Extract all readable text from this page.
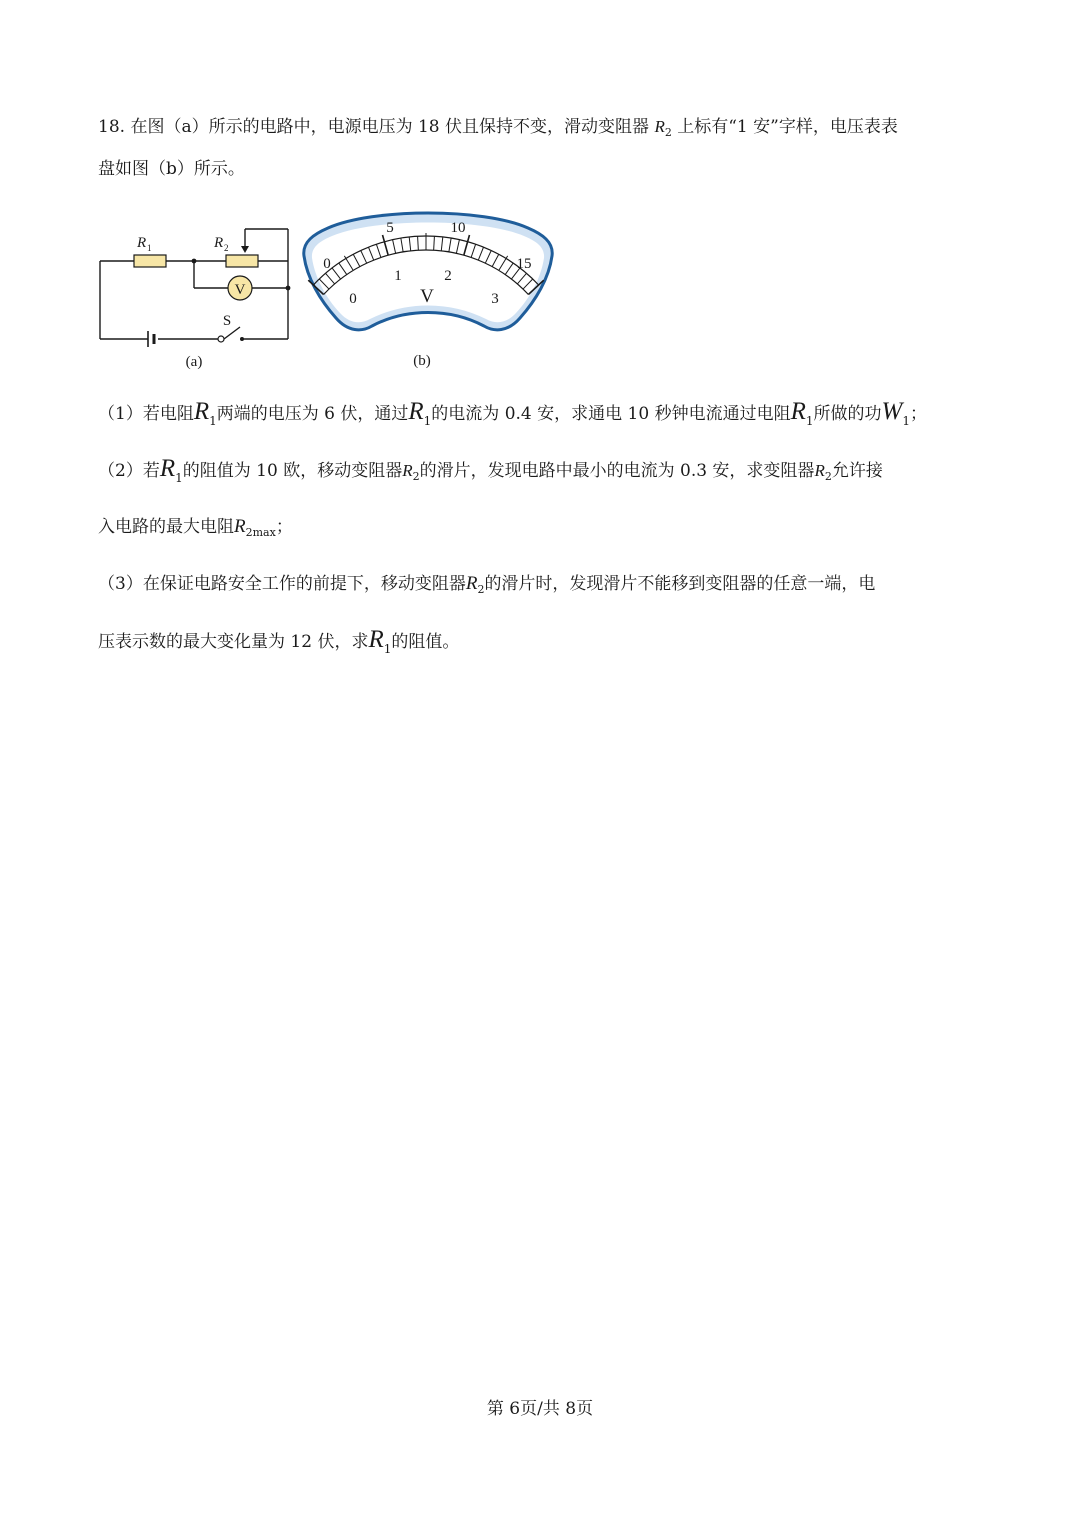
18. 在图（a）所示的电路中，电源电压为 18 伏且保持不变，滑动变阻器 $R_2$ 上标有“1 安”字样，电压表表
盘如图（b）所示。
V
R 1	R 2
S
(a)
0
5	10
15
0
1	2
3
V
(b)
（1）若电阻$R_1$两端的电压为 6 伏，通过$R_1$的电流为 0.4 安，求通电 10 秒钟电流通过电阻$R_1$所做的功$W_1$；
（2）若$R_1$的阻值为 10 欧，移动变阻器$R_2$的滑片，发现电路中最小的电流为 0.3 安，求变阻器$R_2$允许接
入电路的最大电阻$R_{2max}$；
（3）在保证电路安全工作的前提下，移动变阻器$R_2$的滑片时，发现滑片不能移到变阻器的任意一端，电
压表示数的最大变化量为 12 伏，求$R_1$的阻值。
第 6页/共 8页
